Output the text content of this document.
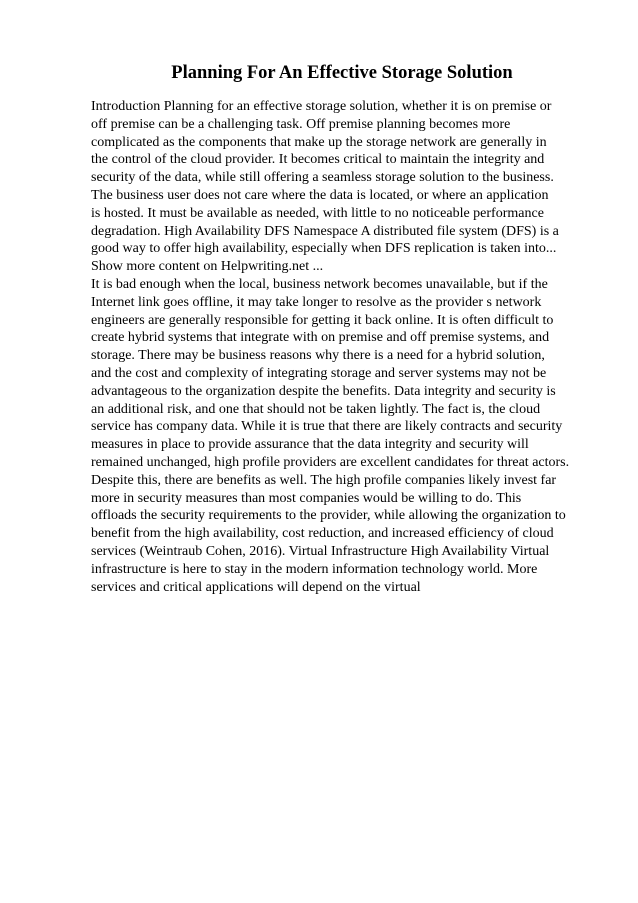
Planning For An Effective Storage Solution
Introduction Planning for an effective storage solution, whether it is on premise or
off premise can be a challenging task. Off premise planning becomes more
complicated as the components that make up the storage network are generally in
the control of the cloud provider. It becomes critical to maintain the integrity and
security of the data, while still offering a seamless storage solution to the business.
The business user does not care where the data is located, or where an application
is hosted. It must be available as needed, with little to no noticeable performance
degradation. High Availability DFS Namespace A distributed file system (DFS) is a
good way to offer high availability, especially when DFS replication is taken into...
Show more content on Helpwriting.net ...
It is bad enough when the local, business network becomes unavailable, but if the
Internet link goes offline, it may take longer to resolve as the provider s network
engineers are generally responsible for getting it back online. It is often difficult to
create hybrid systems that integrate with on premise and off premise systems, and
storage. There may be business reasons why there is a need for a hybrid solution,
and the cost and complexity of integrating storage and server systems may not be
advantageous to the organization despite the benefits. Data integrity and security is
an additional risk, and one that should not be taken lightly. The fact is, the cloud
service has company data. While it is true that there are likely contracts and security
measures in place to provide assurance that the data integrity and security will
remained unchanged, high profile providers are excellent candidates for threat actors.
Despite this, there are benefits as well. The high profile companies likely invest far
more in security measures than most companies would be willing to do. This
offloads the security requirements to the provider, while allowing the organization to
benefit from the high availability, cost reduction, and increased efficiency of cloud
services (Weintraub Cohen, 2016). Virtual Infrastructure High Availability Virtual
infrastructure is here to stay in the modern information technology world. More
services and critical applications will depend on the virtual
